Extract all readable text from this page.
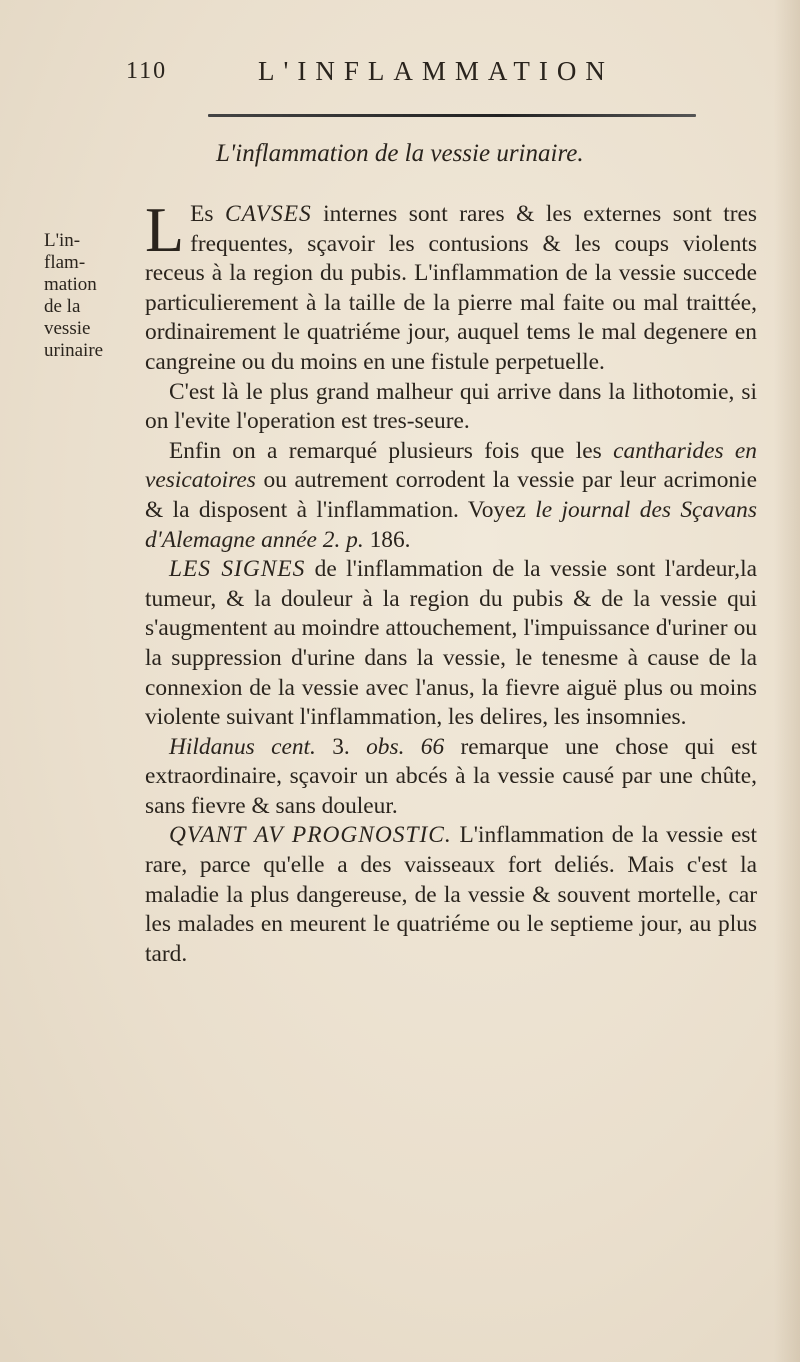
110	L'INFLAMMATION
L'inflammation de la vessie urinaire.
L'in-
flam-
mation
de la
vessie
urinaire

L Es CAVSES internes sont rares & les externes sont tres frequentes, sçavoir les contusions & les coups violents receus à la region du pubis. L'inflammation de la vessie succede particulierement à la taille de la pierre mal faite ou mal traittée, ordinairement le quatriéme jour, auquel tems le mal degenere en cangreine ou du moins en une fistule perpetuelle.

C'est là le plus grand malheur qui arrive dans la lithotomie, si on l'evite l'operation est tres-seure.

Enfin on a remarqué plusieurs fois que les cantharides en vesicatoires ou autrement corrodent la vessie par leur acrimonie & la disposent à l'inflammation. Voyez le journal des Sçavans d'Alemagne année 2. p. 186.

LES SIGNES de l'inflammation de la vessie sont l'ardeur,la tumeur, & la douleur à la region du pubis & de la vessie qui s'augmentent au moindre attouchement, l'impuissance d'uriner ou la suppression d'urine dans la vessie, le tenesme à cause de la connexion de la vessie avec l'anus, la fievre aiguë plus ou moins violente suivant l'inflammation, les delires, les insomnies.

Hildanus cent. 3. obs. 66 remarque une chose qui est extraordinaire, sçavoir un abcés à la vessie causé par une chûte, sans fievre & sans douleur.

QVANT AV PROGNOSTIC. L'inflammation de la vessie est rare, parce qu'elle a des vaisseaux fort deliés. Mais c'est la maladie la plus dangereuse, de la vessie & souvent mortelle, car les malades en meurent le quatriéme ou le septieme jour, au plus tard.
